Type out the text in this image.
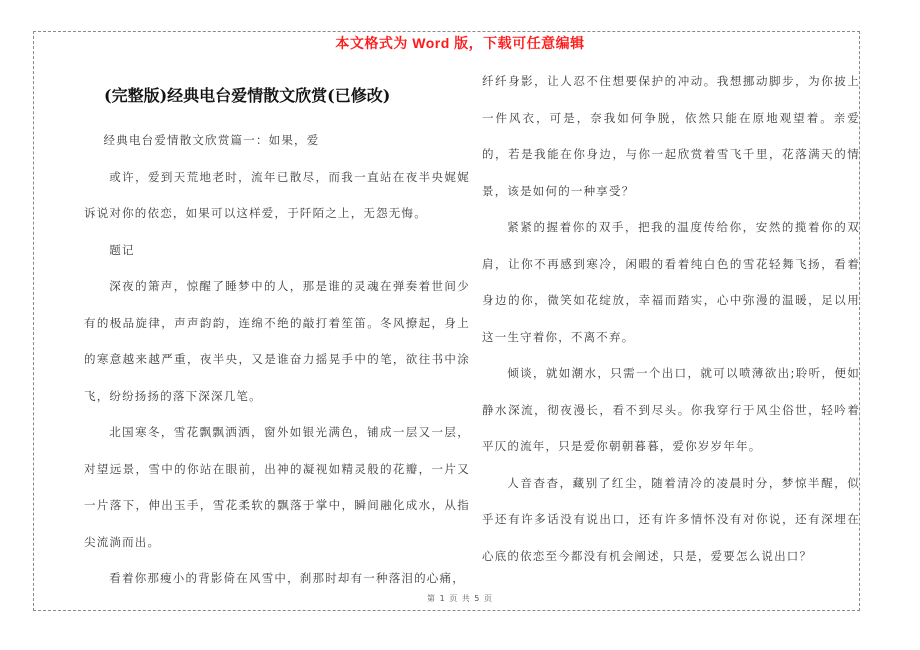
本文格式为 Word 版，下载可任意编辑
(完整版)经典电台爱情散文欣赏(已修改)

经典电台爱情散文欣赏篇一：如果，爱

或许，爱到天荒地老时，流年已散尽，而我一直站在夜半央娓娓诉说对你的依恋，如果可以这样爱，于阡陌之上，无怨无悔。

题记

深夜的箫声，惊醒了睡梦中的人，那是谁的灵魂在弹奏着世间少有的极品旋律，声声韵韵，连绵不绝的敲打着笙笛。冬风撩起，身上的寒意越来越严重，夜半央，又是谁奋力摇晃手中的笔，欲往书中涂飞，纷纷扬扬的落下深深几笔。

北国寒冬，雪花飘飘洒洒，窗外如银光满色，铺成一层又一层，对望远景，雪中的你站在眼前，出神的凝视如精灵般的花瓣，一片又一片落下，伸出玉手，雪花柔软的飘落于掌中，瞬间融化成水，从指尖流淌而出。

看着你那瘦小的背影倚在风雪中，刹那时却有一种落泪的心痛，

纤纤身影，让人忍不住想要保护的冲动。我想挪动脚步，为你披上一件风衣，可是，奈我如何争脱，依然只能在原地观望着。亲爱的，若是我能在你身边，与你一起欣赏着雪飞千里，花落满天的情景，该是如何的一种享受？

紧紧的握着你的双手，把我的温度传给你，安然的揽着你的双肩，让你不再感到寒冷，闲暇的看着纯白色的雪花轻舞飞扬，看着身边的你，微笑如花绽放，幸福而踏实，心中弥漫的温暖，足以用这一生守着你，不离不弃。

倾谈，就如潮水，只需一个出口，就可以喷薄欲出;聆听，便如静水深流，彻夜漫长，看不到尽头。你我穿行于风尘俗世，轻吟着平仄的流年，只是爱你朝朝暮暮，爱你岁岁年年。

人音杳杳，藏别了红尘，随着清冷的凌晨时分，梦惊半醒，似乎还有许多话没有说出口，还有许多情怀没有对你说，还有深埋在心底的依恋至今都没有机会阐述，只是，爱要怎么说出口？

第 1 页 共 5 页
